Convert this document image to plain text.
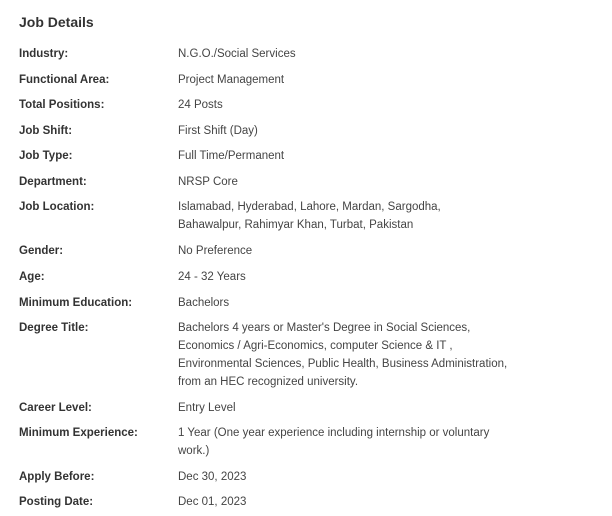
Job Details
Industry:	N.G.O./Social Services
Functional Area:	Project Management
Total Positions:	24 Posts
Job Shift:	First Shift (Day)
Job Type:	Full Time/Permanent
Department:	NRSP Core
Job Location:	Islamabad, Hyderabad, Lahore, Mardan, Sargodha, Bahawalpur, Rahimyar Khan, Turbat, Pakistan
Gender:	No Preference
Age:	24 - 32 Years
Minimum Education:	Bachelors
Degree Title:	Bachelors 4 years or Master's Degree in Social Sciences, Economics / Agri-Economics, computer Science & IT , Environmental Sciences, Public Health, Business Administration, from an HEC recognized university.
Career Level:	Entry Level
Minimum Experience:	1 Year (One year experience including internship or voluntary work.)
Apply Before:	Dec 30, 2023
Posting Date:	Dec 01, 2023
